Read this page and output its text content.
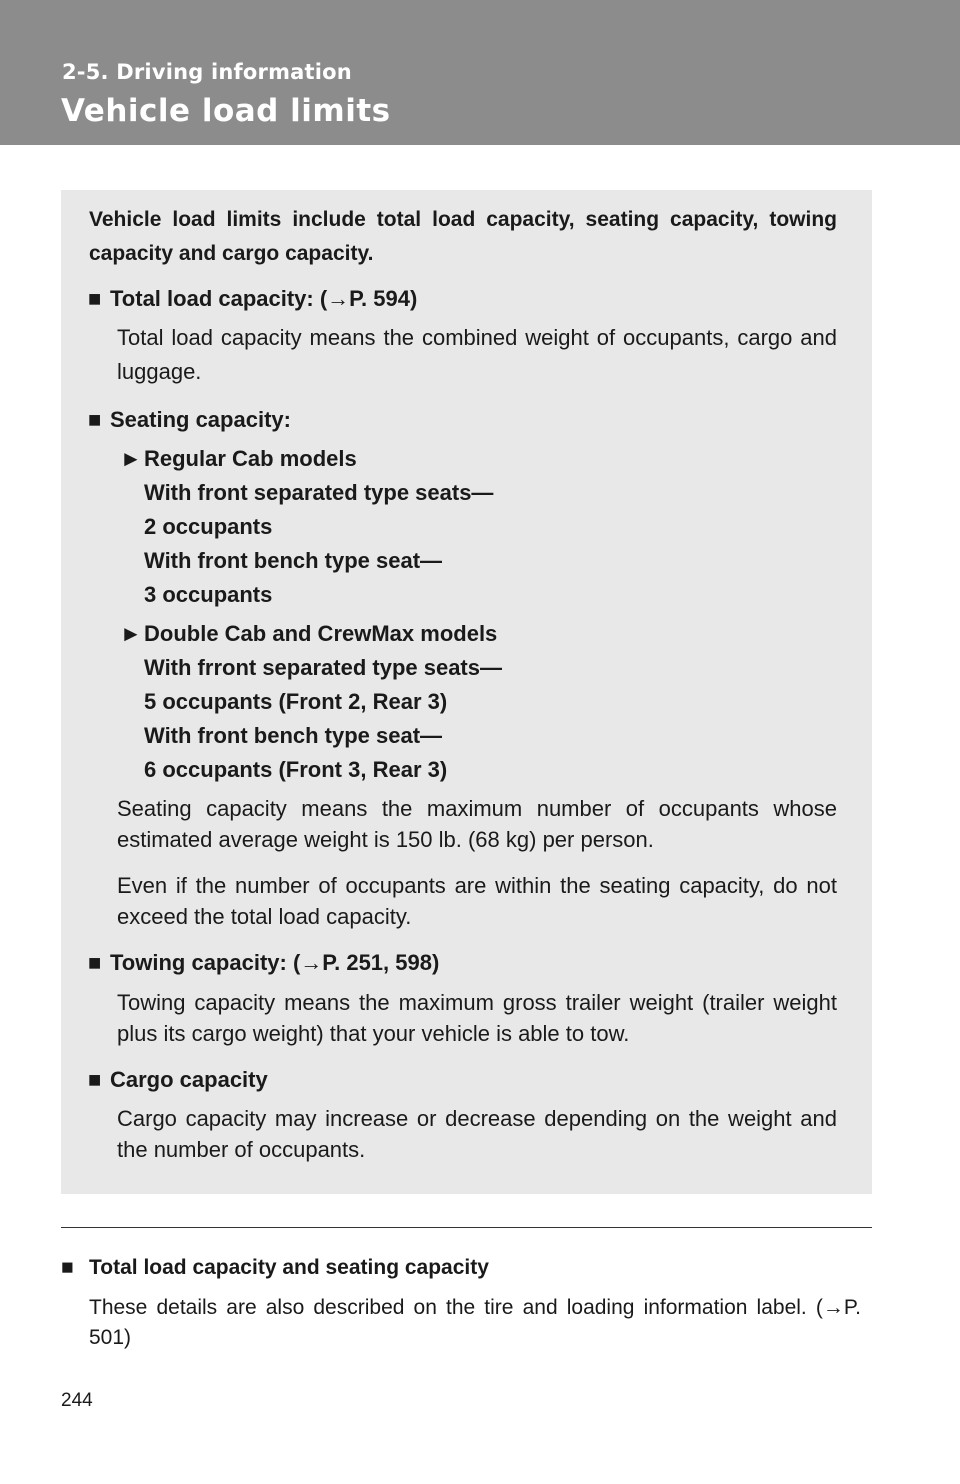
2-5. Driving information
Vehicle load limits

Vehicle load limits include total load capacity, seating capacity, towing capacity and cargo capacity.

■ Total load capacity: (→P. 594)

Total load capacity means the combined weight of occupants, cargo and luggage.

■ Seating capacity:

► Regular Cab models

With front separated type seats—

2 occupants

With front bench type seat—

3 occupants

► Double Cab and CrewMax models

With frront separated type seats—

5 occupants (Front 2, Rear 3)

With front bench type seat—

6 occupants (Front 3, Rear 3)

Seating capacity means the maximum number of occupants whose estimated average weight is 150 lb. (68 kg) per person.

Even if the number of occupants are within the seating capacity, do not exceed the total load capacity.

■ Towing capacity: (→P. 251, 598)

Towing capacity means the maximum gross trailer weight (trailer weight plus its cargo weight) that your vehicle is able to tow.

■ Cargo capacity

Cargo capacity may increase or decrease depending on the weight and the number of occupants.

■ Total load capacity and seating capacity

These details are also described on the tire and loading information label. (→P. 501)

244
